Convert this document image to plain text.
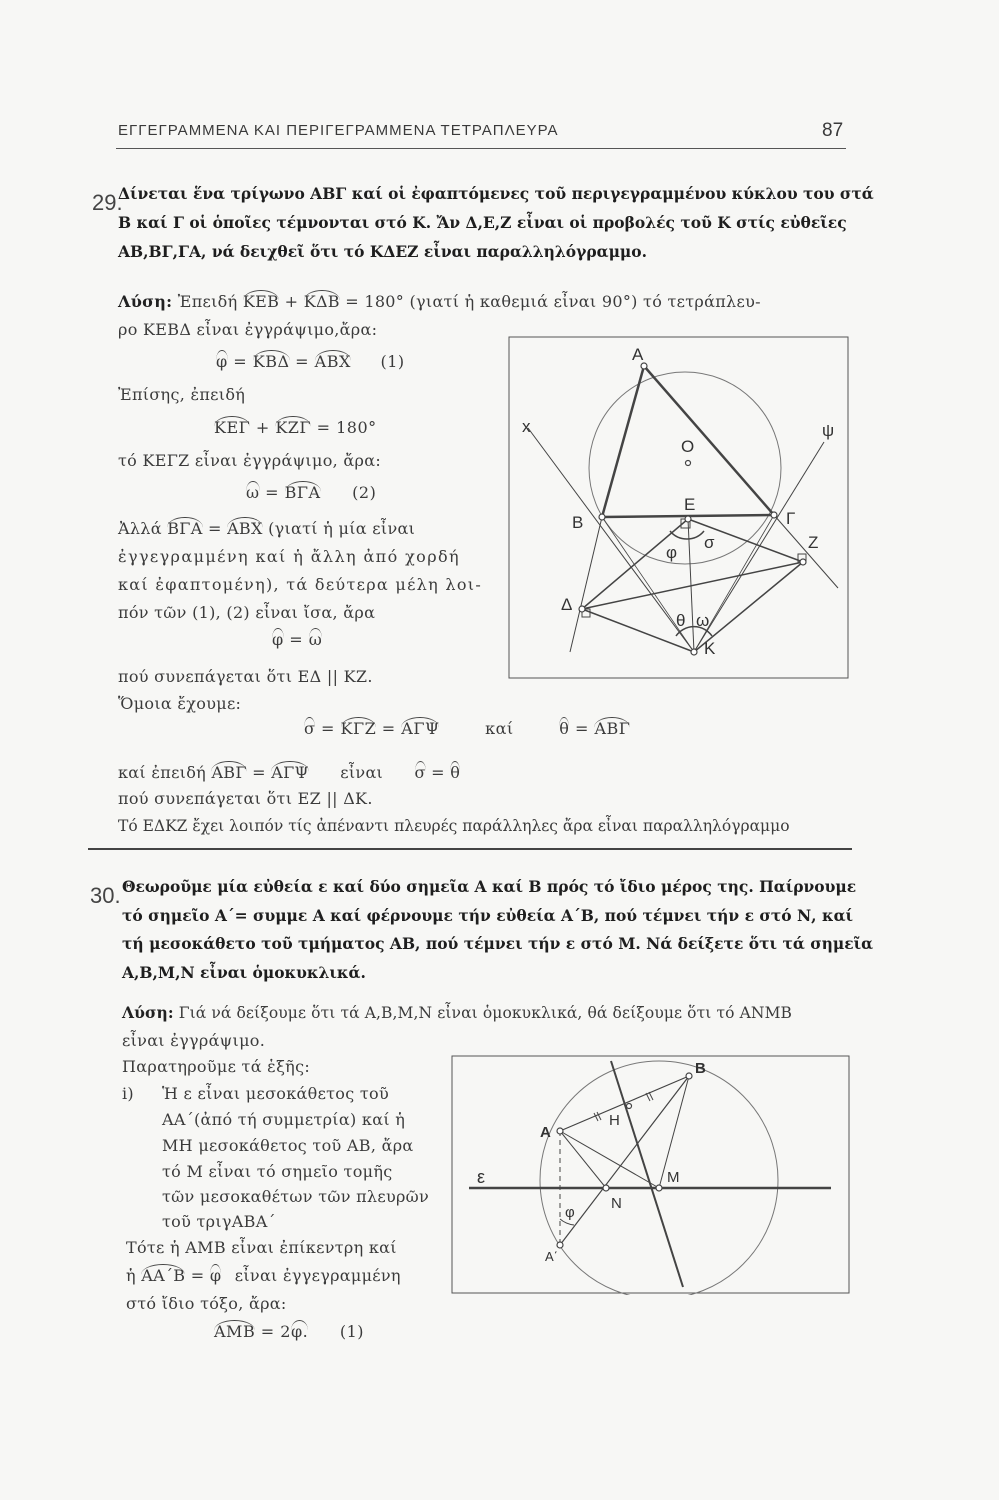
ΕΓΓΕΓΡΑΜΜΕΝΑ ΚΑΙ ΠΕΡΙΓΕΓΡΑΜΜΕΝΑ ΤΕΤΡΑΠΛΕΥΡΑ	87
29.
Δίνεται ἕνα τρίγωνο ΑΒΓ καί οἱ ἐφαπτόμενες τοῦ περιγεγραμμένου κύκλου του στά
Β καί Γ οἱ ὁποῖες τέμνονται στό Κ. Ἄν Δ,Ε,Ζ εἶναι οἱ προβολές τοῦ Κ στίς εὐθεῖες
ΑΒ,ΒΓ,ΓΑ, νά δειχθεῖ ὅτι τό ΚΔΕΖ εἶναι παραλληλόγραμμο.
Λύση: Ἐπειδή ΚΕΒ + ΚΔΒ = 180° (γιατί ἡ καθεμιά εἶναι 90°) τό τετράπλευ-
ρο ΚΕΒΔ εἶναι ἐγγράψιμο,ἄρα:
φ = ΚΒΔ = ΑΒΧ (1)
Ἐπίσης, ἐπειδή
ΚΕΓ + ΚΖΓ = 180°
τό ΚΕΓΖ εἶναι ἐγγράψιμο, ἄρα:
ω = ΒΓΑ (2)
Ἀλλά ΒΓΑ = ΑΒΧ (γιατί ἡ μία εἶναι
ἐγγεγραμμένη καί ἡ ἄλλη ἀπό χορδή
καί ἐφαπτομένη), τά δεύτερα μέλη λοι-
πόν τῶν (1), (2) εἶναι ἴσα, ἄρα
φ = ω
πού συνεπάγεται ὅτι ΕΔ || ΚΖ.
Ὅμοια ἔχουμε:
σ = ΚΓΖ = ΑΓΨ	καί	θ = ΑΒΓ
καί ἐπειδή ΑΒΓ = ΑΓΨ εἶναι σ = θ
πού συνεπάγεται ὅτι ΕΖ || ΔΚ.
Τό ΕΔΚΖ ἔχει λοιπόν τίς ἀπέναντι πλευρές παράλληλες ἄρα εἶναι παραλληλόγραμμο
Α
Ο
x	ψ
Ε
Β	Γ
Ζ
φ
σ
Δ
θ ω
Κ
30. Θεωροῦμε μία εὐθεία ε καί δύο σημεῖα Α καί Β πρός τό ἴδιο μέρος της. Παίρνουμε
τό σημεῖο Α΄= συμμε Α καί φέρνουμε τήν εὐθεία Α΄Β, πού τέμνει τήν ε στό Ν, καί
τή μεσοκάθετο τοῦ τμήματος ΑΒ, πού τέμνει τήν ε στό Μ. Νά δείξετε ὅτι τά σημεῖα
Α,Β,Μ,Ν εἶναι ὁμοκυκλικά.
Λύση: Γιά νά δείξουμε ὅτι τά Α,Β,Μ,Ν εἶναι ὁμοκυκλικά, θά δείξουμε ὅτι τό ΑΝΜΒ
εἶναι ἐγγράψιμο.
Παρατηροῦμε τά ἑξῆς:
i) Ἡ ε εἶναι μεσοκάθετος τοῦ
ΑΑ΄(ἀπό τή συμμετρία) καί ἡ
ΜΗ μεσοκάθετος τοῦ ΑΒ, ἄρα
τό Μ εἶναι τό σημεῖο τομῆς
τῶν μεσοκαθέτων τῶν πλευρῶν
τοῦ τριγΑΒΑ΄
Τότε ἡ ΑΜΒ εἶναι ἐπίκεντρη καί
ἡ ΑΑ΄Β = φ εἶναι ἐγγεγραμμένη
στό ἴδιο τόξο, ἄρα:
ΑΜΒ = 2φ. (1)
Β
Η
Α
ε	Μ
Ν
φ
Α΄
